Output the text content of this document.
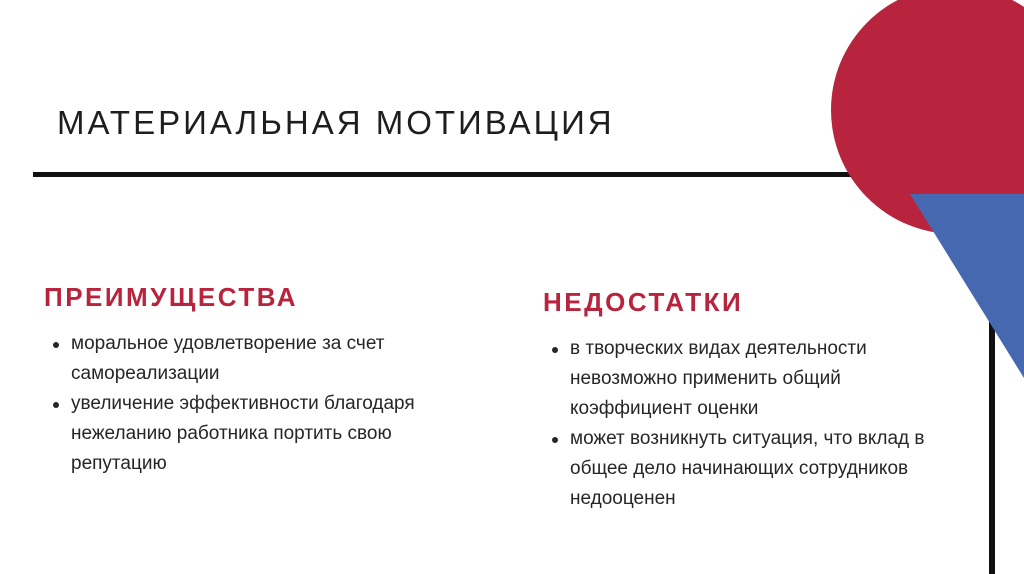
МАТЕРИАЛЬНАЯ МОТИВАЦИЯ
ПРЕИМУЩЕСТВА
моральное удовлетворение за счет самореализации
увеличение эффективности благодаря нежеланию работника портить свою репутацию
НЕДОСТАТКИ
в творческих видах деятельности невозможно применить общий коэффициент оценки
может возникнуть ситуация, что вклад в общее дело начинающих сотрудников недооценен
